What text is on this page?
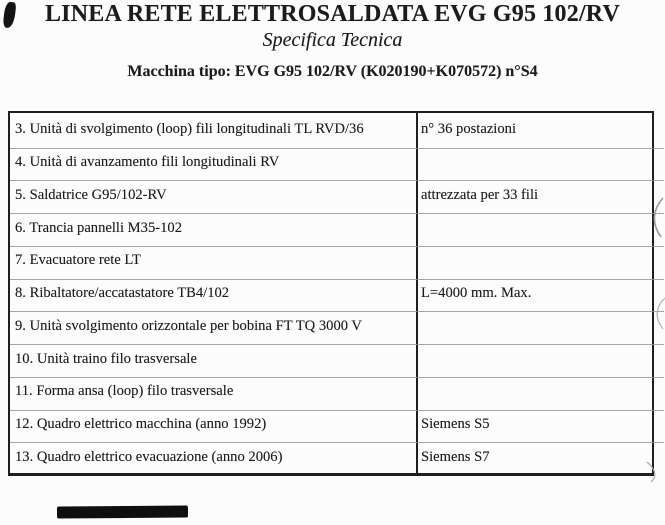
LINEA RETE ELETTROSALDATA EVG G95 102/RV
Specifica Tecnica
Macchina tipo: EVG G95 102/RV (K020190+K070572) n°S4
3. Unità di svolgimento (loop) fili longitudinali TL RVD/36	n° 36 postazioni
4. Unità di avanzamento fili longitudinali RV
5. Saldatrice G95/102-RV	attrezzata per 33 fili
6. Trancia pannelli M35-102
7. Evacuatore rete LT
8. Ribaltatore/accatastatore TB4/102	L=4000 mm. Max.
9. Unità svolgimento orizzontale per bobina FT TQ 3000 V
10. Unità traino filo trasversale
11. Forma ansa (loop) filo trasversale
12. Quadro elettrico macchina (anno 1992)	Siemens S5
13. Quadro elettrico evacuazione (anno 2006)	Siemens S7
